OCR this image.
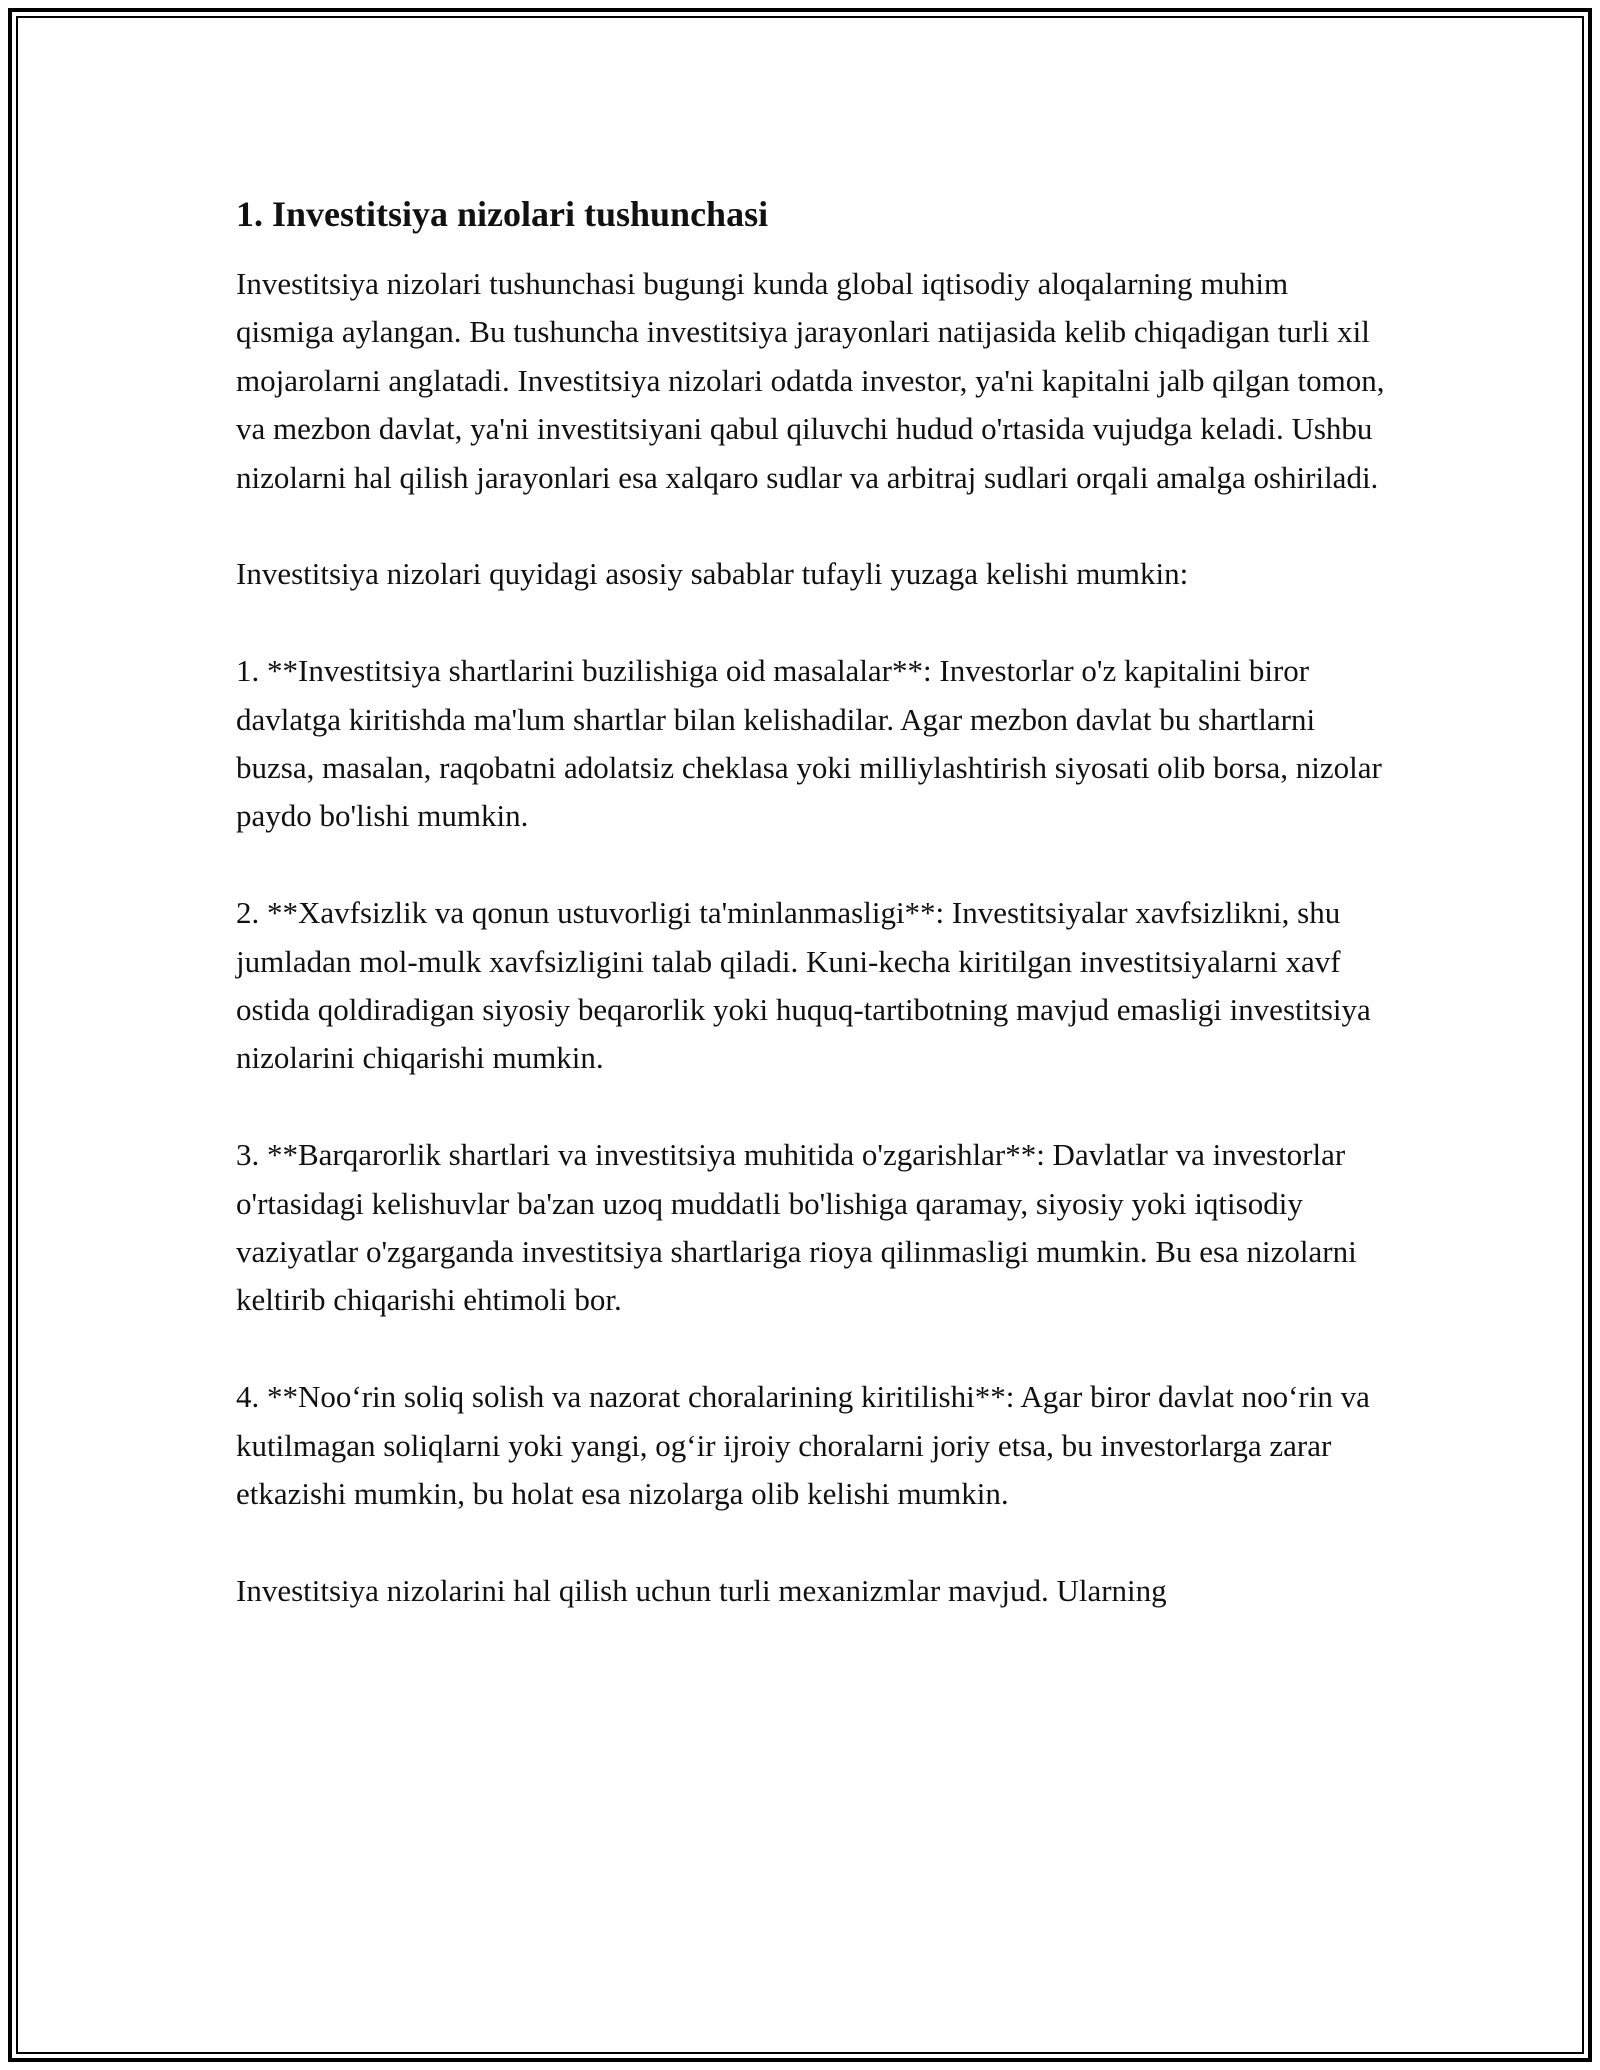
1. Investitsiya nizolari tushunchasi

Investitsiya nizolari tushunchasi bugungi kunda global iqtisodiy aloqalarning muhim qismiga aylangan. Bu tushuncha investitsiya jarayonlari natijasida kelib chiqadigan turli xil mojarolarni anglatadi. Investitsiya nizolari odatda investor, ya'ni kapitalni jalb qilgan tomon, va mezbon davlat, ya'ni investitsiyani qabul qiluvchi hudud o'rtasida vujudga keladi. Ushbu nizolarni hal qilish jarayonlari esa xalqaro sudlar va arbitraj sudlari orqali amalga oshiriladi.

Investitsiya nizolari quyidagi asosiy sabablar tufayli yuzaga kelishi mumkin:

1. **Investitsiya shartlarini buzilishiga oid masalalar**: Investorlar o'z kapitalini biror davlatga kiritishda ma'lum shartlar bilan kelishadilar. Agar mezbon davlat bu shartlarni buzsa, masalan, raqobatni adolatsiz cheklasa yoki milliylashtirish siyosati olib borsa, nizolar paydo bo'lishi mumkin.

2. **Xavfsizlik va qonun ustuvorligi ta'minlanmasligi**: Investitsiyalar xavfsizlikni, shu jumladan mol-mulk xavfsizligini talab qiladi. Kuni-kecha kiritilgan investitsiyalarni xavf ostida qoldiradigan siyosiy beqarorlik yoki huquq-tartibotning mavjud emasligi investitsiya nizolarini chiqarishi mumkin.

3. **Barqarorlik shartlari va investitsiya muhitida o'zgarishlar**: Davlatlar va investorlar o'rtasidagi kelishuvlar ba'zan uzoq muddatli bo'lishiga qaramay, siyosiy yoki iqtisodiy vaziyatlar o'zgarganda investitsiya shartlariga rioya qilinmasligi mumkin. Bu esa nizolarni keltirib chiqarishi ehtimoli bor.

4. **Noo‘rin soliq solish va nazorat choralarining kiritilishi**: Agar biror davlat noo‘rin va kutilmagan soliqlarni yoki yangi, og‘ir ijroiy choralarni joriy etsa, bu investorlarga zarar etkazishi mumkin, bu holat esa nizolarga olib kelishi mumkin.

Investitsiya nizolarini hal qilish uchun turli mexanizmlar mavjud. Ularning
